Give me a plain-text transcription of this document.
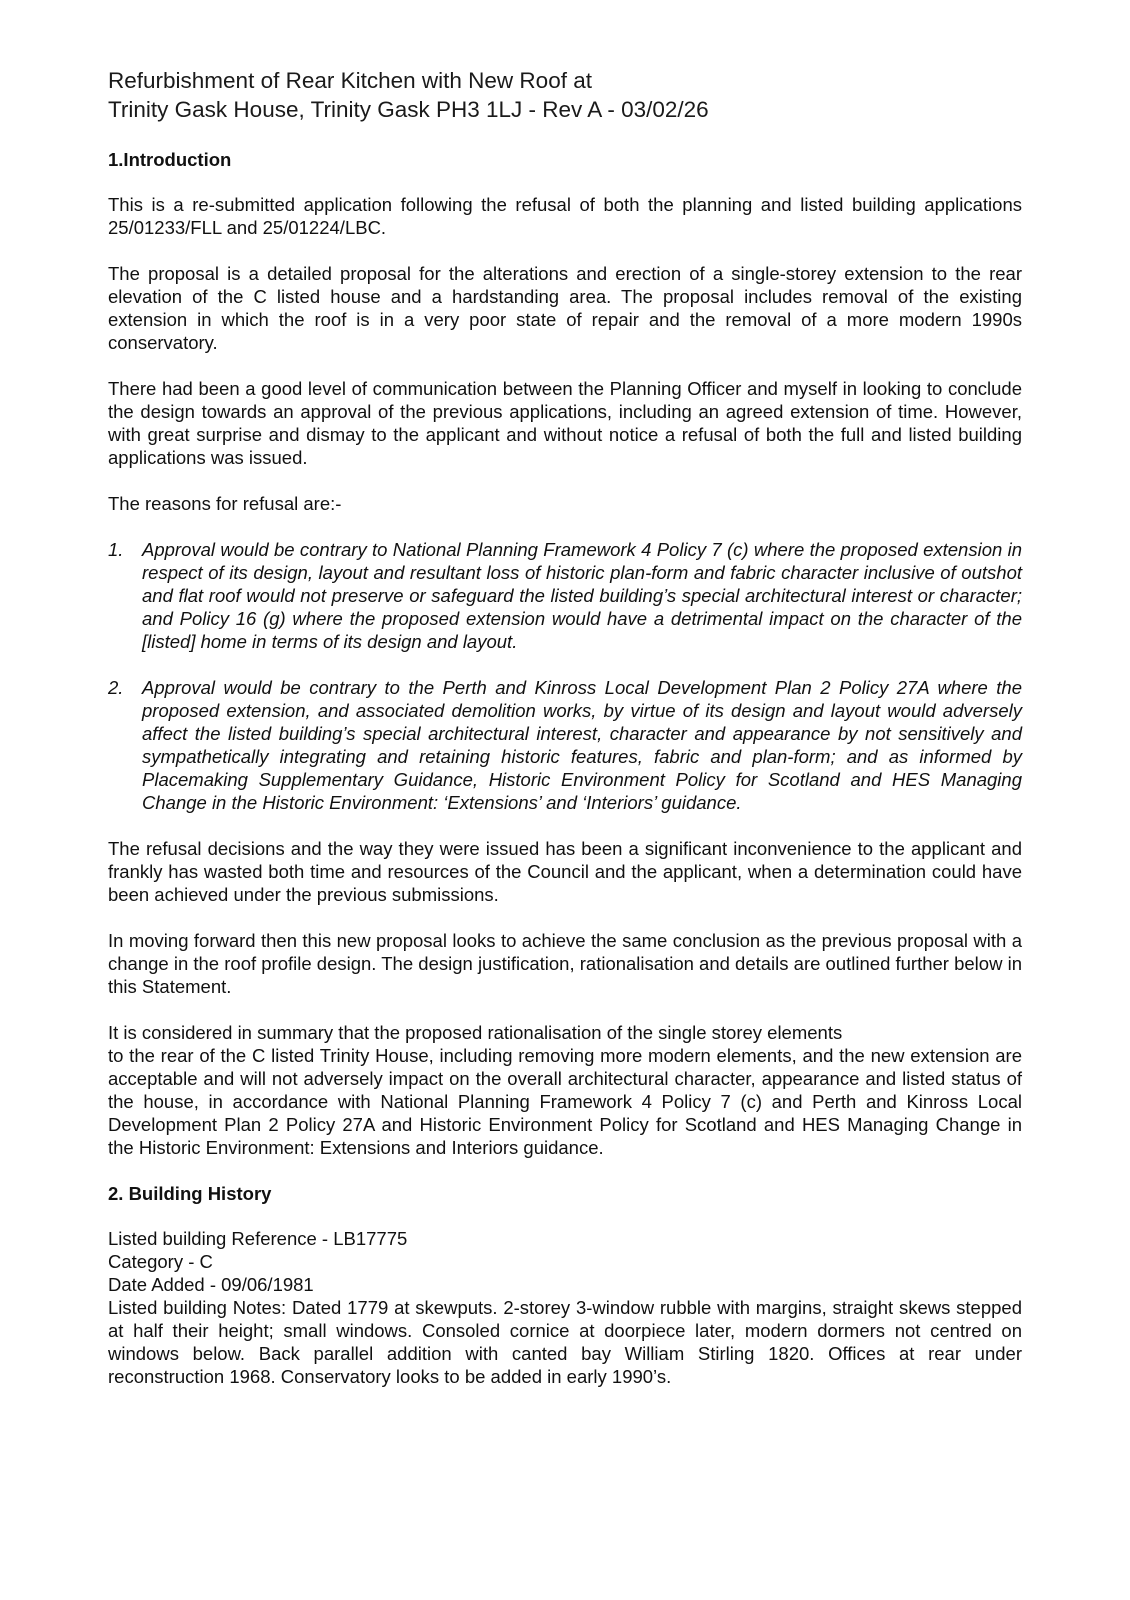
Refurbishment of Rear Kitchen with New Roof at
Trinity Gask House, Trinity Gask PH3 1LJ - Rev A - 03/02/26
1.Introduction

This is a re-submitted application following the refusal of both the planning and listed building applications 25/01233/FLL and 25/01224/LBC.

The proposal is a detailed proposal for the alterations and erection of a single-storey extension to the rear elevation of the C listed house and a hardstanding area. The proposal includes removal of the existing extension in which the roof is in a very poor state of repair and the removal of a more modern 1990s conservatory.

There had been a good level of communication between the Planning Officer and myself in looking to conclude the design towards an approval of the previous applications, including an agreed extension of time. However, with great surprise and dismay to the applicant and without notice a refusal of both the full and listed building applications was issued.

The reasons for refusal are:-

1. Approval would be contrary to National Planning Framework 4 Policy 7 (c) where the proposed extension in respect of its design, layout and resultant loss of historic plan-form and fabric character inclusive of outshot and flat roof would not preserve or safeguard the listed building’s special architectural interest or character; and Policy 16 (g) where the proposed extension would have a detrimental impact on the character of the [listed] home in terms of its design and layout.
2. Approval would be contrary to the Perth and Kinross Local Development Plan 2 Policy 27A where the proposed extension, and associated demolition works, by virtue of its design and layout would adversely affect the listed building’s special architectural interest, character and appearance by not sensitively and sympathetically integrating and retaining historic features, fabric and plan-form; and as informed by Placemaking Supplementary Guidance, Historic Environment Policy for Scotland and HES Managing Change in the Historic Environment: ‘Extensions’ and ‘Interiors’ guidance.

The refusal decisions and the way they were issued has been a significant inconvenience to the applicant and frankly has wasted both time and resources of the Council and the applicant, when a determination could have been achieved under the previous submissions.

In moving forward then this new proposal looks to achieve the same conclusion as the previous proposal with a change in the roof profile design. The design justification, rationalisation and details are outlined further below in this Statement.

It is considered in summary that the proposed rationalisation of the single storey elements
to the rear of the C listed Trinity House, including removing more modern elements, and the new extension are acceptable and will not adversely impact on the overall architectural character, appearance and listed status of the house, in accordance with National Planning Framework 4 Policy 7 (c) and Perth and Kinross Local Development Plan 2 Policy 27A and Historic Environment Policy for Scotland and HES Managing Change in the Historic Environment: Extensions and Interiors guidance.

2. Building History
Listed building Reference - LB17775
Category - C
Date Added - 09/06/1981
Listed building Notes: Dated 1779 at skewputs. 2-storey 3-window rubble with margins, straight skews stepped at half their height; small windows. Consoled cornice at doorpiece later, modern dormers not centred on windows below. Back parallel addition with canted bay William Stirling 1820. Offices at rear under reconstruction 1968. Conservatory looks to be added in early 1990’s.
